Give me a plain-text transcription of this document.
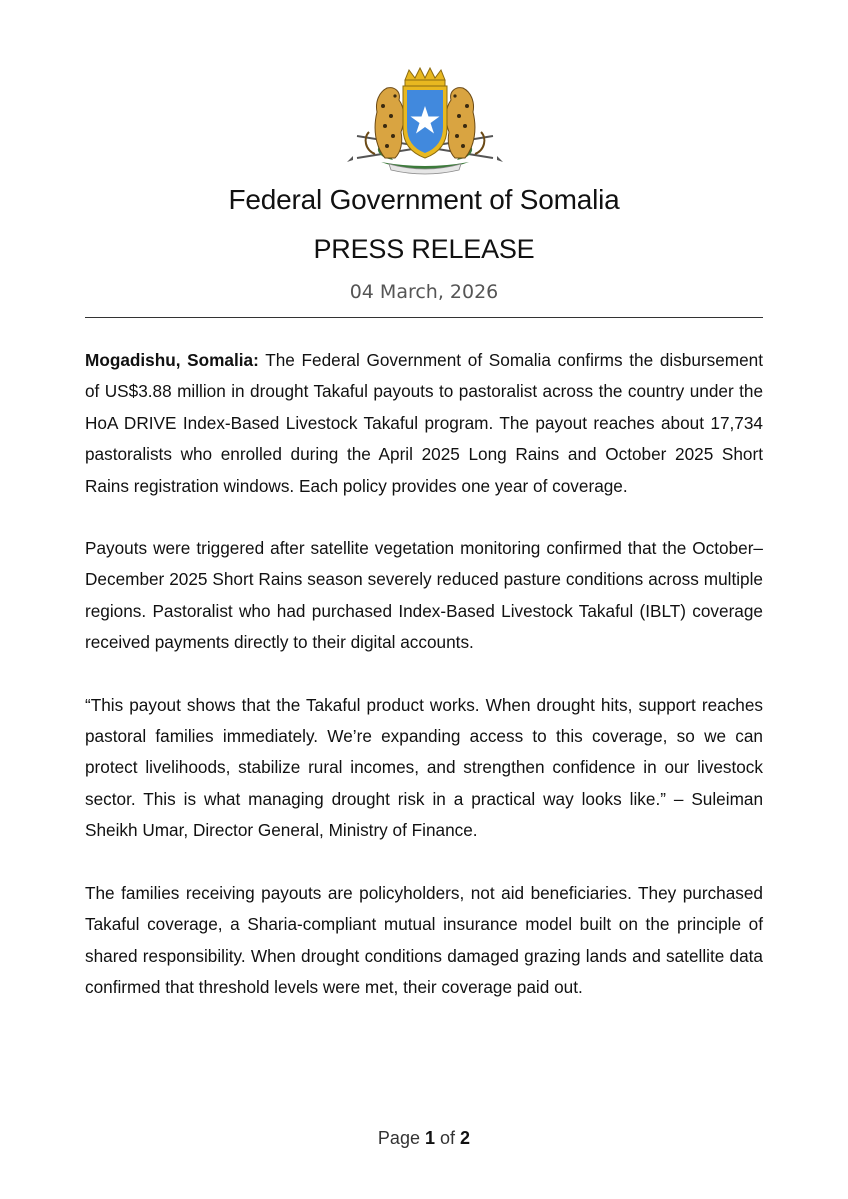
Federal Government of Somalia
PRESS RELEASE
04 March, 2026

Mogadishu, Somalia: The Federal Government of Somalia confirms the disbursement of US$3.88 million in drought Takaful payouts to pastoralist across the country under the HoA DRIVE Index-Based Livestock Takaful program. The payout reaches about 17,734 pastoralists who enrolled during the April 2025 Long Rains and October 2025 Short Rains registration windows. Each policy provides one year of coverage.

Payouts were triggered after satellite vegetation monitoring confirmed that the October–December 2025 Short Rains season severely reduced pasture conditions across multiple regions. Pastoralist who had purchased Index-Based Livestock Takaful (IBLT) coverage received payments directly to their digital accounts.

“This payout shows that the Takaful product works. When drought hits, support reaches pastoral families immediately. We’re expanding access to this coverage, so we can protect livelihoods, stabilize rural incomes, and strengthen confidence in our livestock sector. This is what managing drought risk in a practical way looks like.” – Suleiman Sheikh Umar, Director General, Ministry of Finance.

The families receiving payouts are policyholders, not aid beneficiaries. They purchased Takaful coverage, a Sharia-compliant mutual insurance model built on the principle of shared responsibility. When drought conditions damaged grazing lands and satellite data confirmed that threshold levels were met, their coverage paid out.

Page 1 of 2
